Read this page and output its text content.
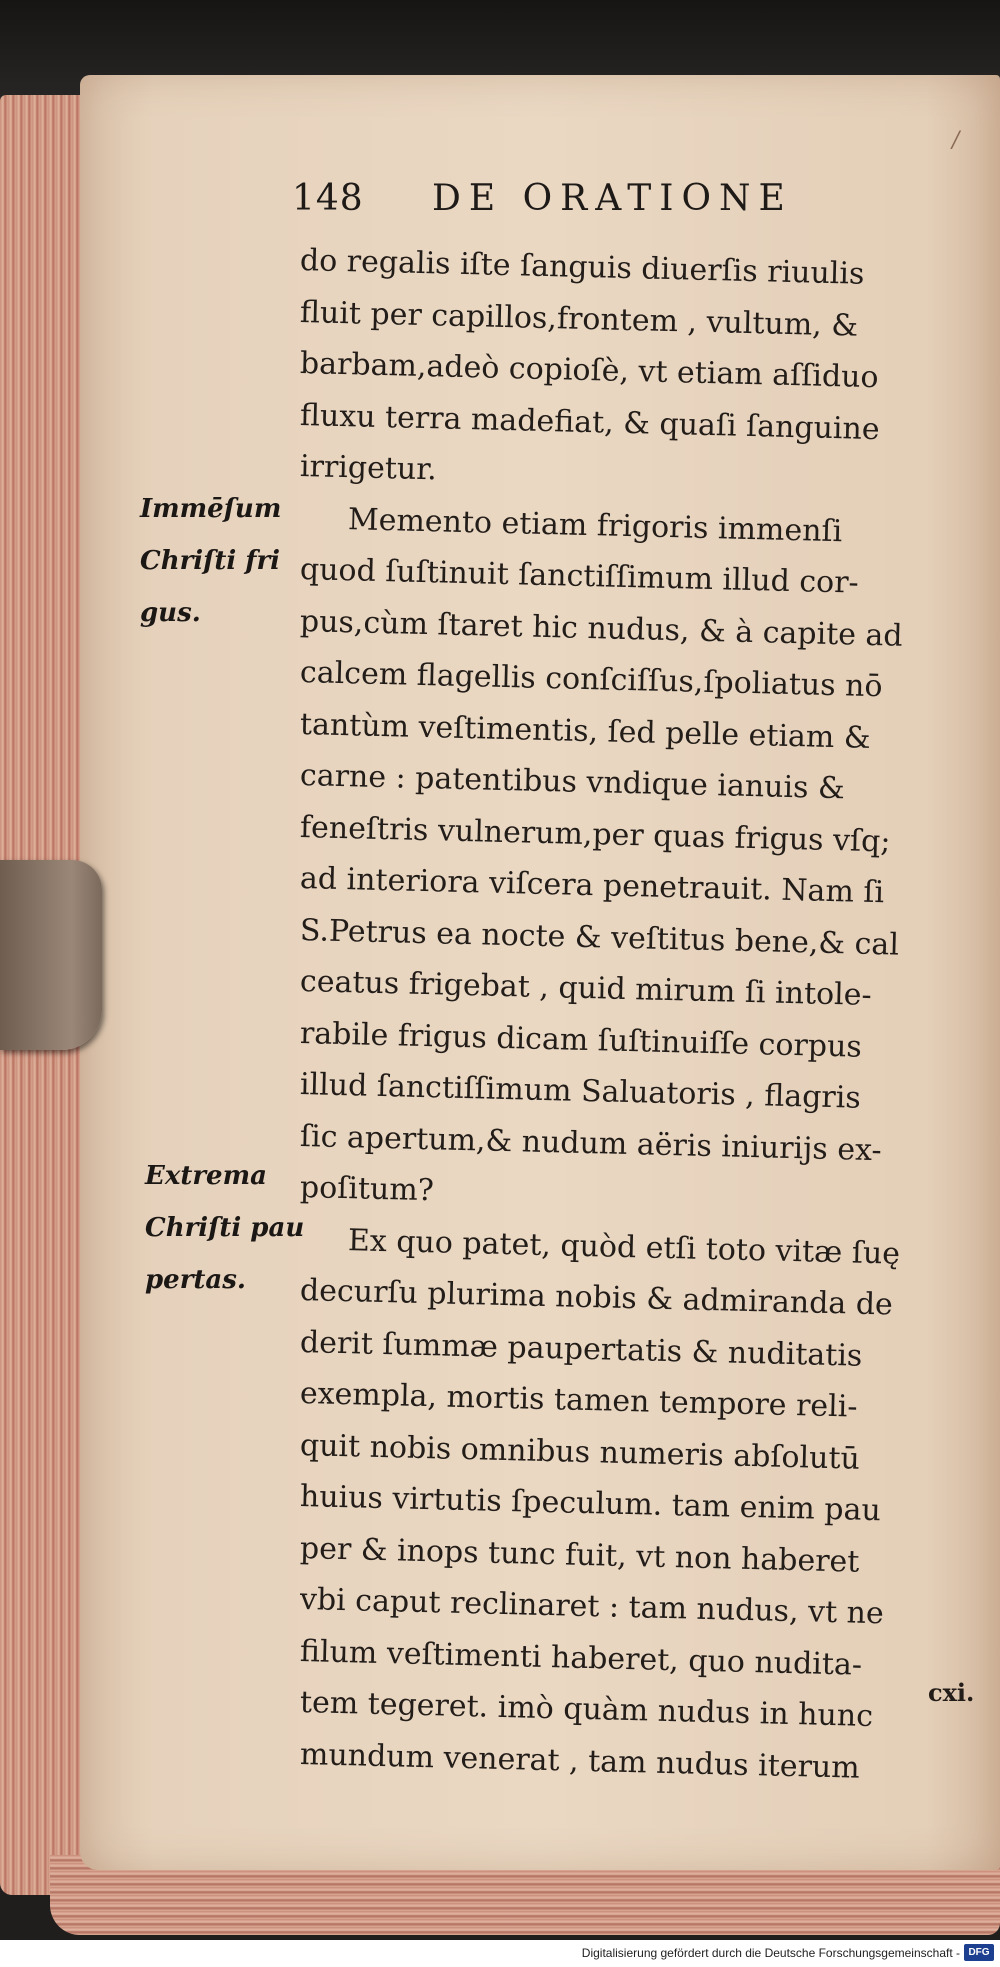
/
148 DE ORATIONE
do regalis iſte ſanguis diuerſis riuulis
fluit per capillos,frontem , vultum, &
barbam,adeò copioſè, vt etiam aſſiduo
fluxu terra madefiat, & quaſi ſanguine
irrigetur.
Memento etiam frigoris immenſi
quod ſuſtinuit ſanctiſſimum illud cor-
pus,cùm ſtaret hic nudus, & à capite ad
calcem flagellis conſciſſus,ſpoliatus nō
tantùm veſtimentis, ſed pelle etiam &
carne : patentibus vndique ianuis &
feneſtris vulnerum,per quas frigus vſq;
ad interiora viſcera penetrauit. Nam ſi
S.Petrus ea nocte & veſtitus bene,& cal
ceatus frigebat , quid mirum ſi intole-
rabile frigus dicam ſuſtinuiſſe corpus
illud ſanctiſſimum Saluatoris , flagris
ſic apertum,& nudum aëris iniurijs ex-
poſitum?
Ex quo patet, quòd etſi toto vitæ ſuę
decurſu plurima nobis & admiranda de
derit ſummæ paupertatis & nuditatis
exempla, mortis tamen tempore reli-
quit nobis omnibus numeris abſolutū
huius virtutis ſpeculum. tam enim pau
per & inops tunc fuit, vt non haberet
vbi caput reclinaret : tam nudus, vt ne
filum veſtimenti haberet, quo nudita-
tem tegeret. imò quàm nudus in hunc
mundum venerat , tam nudus iterum
Immēſum
Chriſti fri
gus.
Extrema
Chriſti pau
pertas.
cxi.
Digitalisierung gefördert durch die Deutsche Forschungsgemeinschaft - DFG
